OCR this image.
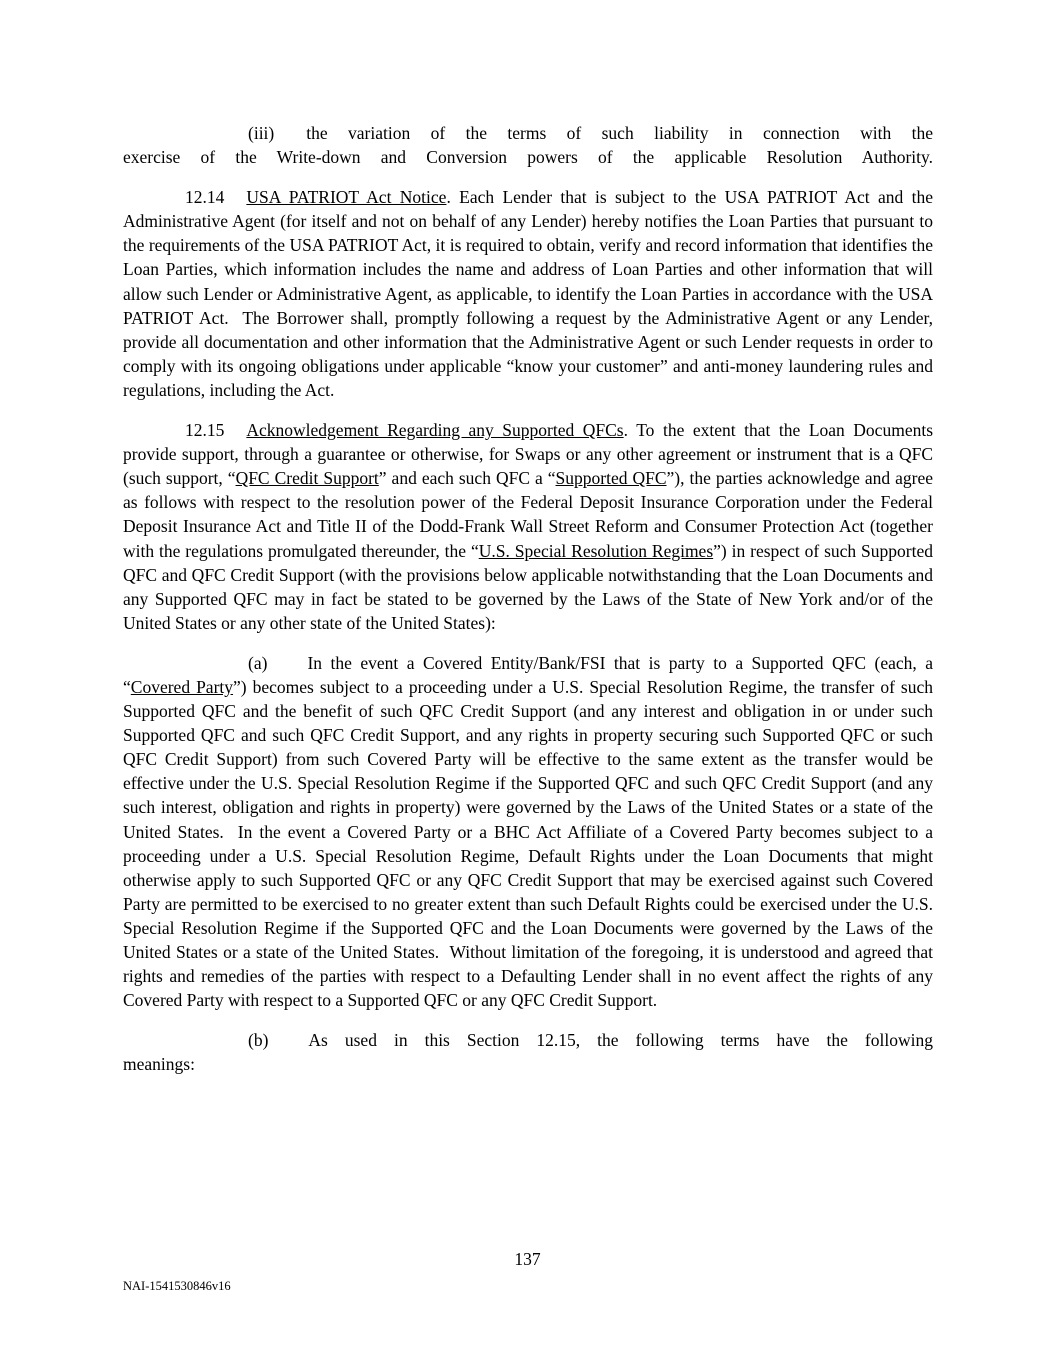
(iii) the variation of the terms of such liability in connection with the
exercise of the Write-down and Conversion powers of the applicable Resolution Authority.

12.14 USA PATRIOT Act Notice. Each Lender that is subject to the USA PATRIOT Act and the Administrative Agent (for itself and not on behalf of any Lender) hereby notifies the Loan Parties that pursuant to the requirements of the USA PATRIOT Act, it is required to obtain, verify and record information that identifies the Loan Parties, which information includes the name and address of Loan Parties and other information that will allow such Lender or Administrative Agent, as applicable, to identify the Loan Parties in accordance with the USA PATRIOT Act.  The Borrower shall, promptly following a request by the Administrative Agent or any Lender, provide all documentation and other information that the Administrative Agent or such Lender requests in order to comply with its ongoing obligations under applicable “know your customer” and anti-money laundering rules and regulations, including the Act.

12.15 Acknowledgement Regarding any Supported QFCs. To the extent that the Loan Documents provide support, through a guarantee or otherwise, for Swaps or any other agreement or instrument that is a QFC (such support, “QFC Credit Support” and each such QFC a “Supported QFC”), the parties acknowledge and agree as follows with respect to the resolution power of the Federal Deposit Insurance Corporation under the Federal Deposit Insurance Act and Title II of the Dodd-Frank Wall Street Reform and Consumer Protection Act (together with the regulations promulgated thereunder, the “U.S. Special Resolution Regimes”) in respect of such Supported QFC and QFC Credit Support (with the provisions below applicable notwithstanding that the Loan Documents and any Supported QFC may in fact be stated to be governed by the Laws of the State of New York and/or of the United States or any other state of the United States):

(a) In the event a Covered Entity/Bank/FSI that is party to a Supported QFC (each, a “Covered Party”) becomes subject to a proceeding under a U.S. Special Resolution Regime, the transfer of such Supported QFC and the benefit of such QFC Credit Support (and any interest and obligation in or under such Supported QFC and such QFC Credit Support, and any rights in property securing such Supported QFC or such QFC Credit Support) from such Covered Party will be effective to the same extent as the transfer would be effective under the U.S. Special Resolution Regime if the Supported QFC and such QFC Credit Support (and any such interest, obligation and rights in property) were governed by the Laws of the United States or a state of the United States.  In the event a Covered Party or a BHC Act Affiliate of a Covered Party becomes subject to a proceeding under a U.S. Special Resolution Regime, Default Rights under the Loan Documents that might otherwise apply to such Supported QFC or any QFC Credit Support that may be exercised against such Covered Party are permitted to be exercised to no greater extent than such Default Rights could be exercised under the U.S. Special Resolution Regime if the Supported QFC and the Loan Documents were governed by the Laws of the United States or a state of the United States.  Without limitation of the foregoing, it is understood and agreed that rights and remedies of the parties with respect to a Defaulting Lender shall in no event affect the rights of any Covered Party with respect to a Supported QFC or any QFC Credit Support.

(b) As used in this Section 12.15, the following terms have the following
meanings:

137
NAI-1541530846v16
